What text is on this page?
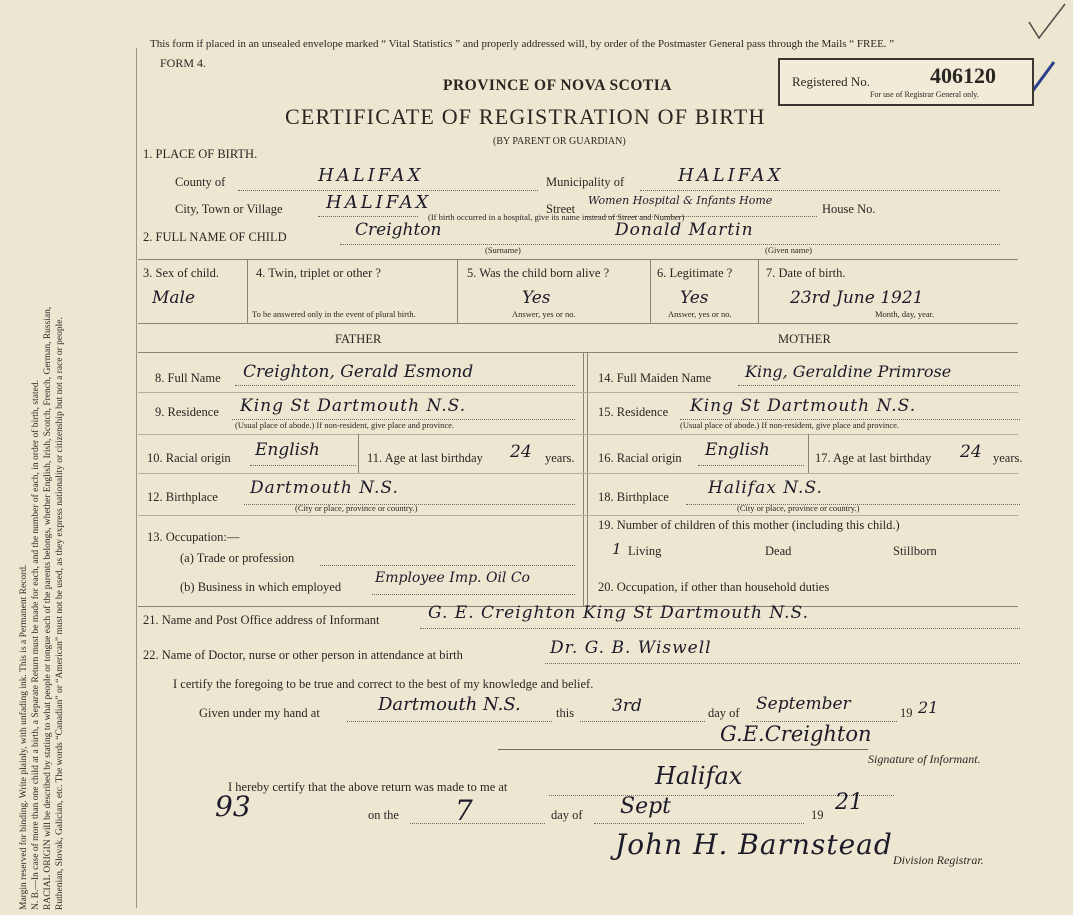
Margin reserved for binding. Write plainly, with unfading ink. This is a Permanent Record. N. B.—In case of more than one child at a birth, a Separate Return must be made for each, and the number of each, in order of birth, stated. RACIAL ORIGIN will be described by stating to what people or tongue each of the parents belongs, whether English, Irish, Scotch, French, German, Russian, Ruthenian, Slovak, Galician, etc. The words “Canadian” or “American” must not be used, as they express nationality or citizenship but not a race or people.
This form if placed in an unsealed envelope marked “ Vital Statistics ” and properly addressed will, by order of the Postmaster General pass through the Mails “ FREE. ”
FORM 4.
PROVINCE OF NOVA SCOTIA
CERTIFICATE OF REGISTRATION OF BIRTH
(BY PARENT OR GUARDIAN)
Registered No.	406120
For use of Registrar General only.
1. PLACE OF BIRTH.
County of	HALIFAX	Municipality of	HALIFAX
City, Town or Village HALIFAX	Street
Women Hospital & Infants Home
House No.
(If birth occurred in a hospital, give its name instead of Street and Number)
2. FULL NAME OF CHILD	Creighton
(Surname)
Donald Martin
(Given name)
3. Sex of child.
Male
4. Twin, triplet or other ?
To be answered only in the event of plural birth.
5. Was the child born alive ?
Yes
Answer, yes or no.
6. Legitimate ?
Yes
Answer, yes or no.
7. Date of birth.
23rd June 1921
Month, day, year.
FATHER	MOTHER
8. Full Name Creighton, Gerald Esmond
9. Residence King St Dartmouth N.S.
(Usual place of abode.) If non-resident, give place and province.
10. Racial origin English	11. Age at last birthday 24 years.
12. Birthplace Dartmouth N.S.
(City or place, province or country.)
13. Occupation:—
(a) Trade or profession
(b) Business in which employed
Employee Imp. Oil Co
14. Full Maiden Name King, Geraldine Primrose
15. Residence King St Dartmouth N.S.
(Usual place of abode.) If non-resident, give place and province.
16. Racial origin English	17. Age at last birthday 24 years.
18. Birthplace Halifax N.S.
(City or place, province or country.)
19. Number of children of this mother (including this child.)
1 Living	Dead	Stillborn
20. Occupation, if other than household duties
21. Name and Post Office address of Informant	G. E. Creighton King St Dartmouth N.S.
22. Name of Doctor, nurse or other person in attendance at birth	Dr. G. B. Wiswell
I certify the foregoing to be true and correct to the best of my knowledge and belief.
Given under my hand at	Dartmouth N.S.	this 3rd	day of September	19 21
G.E.Creighton
Signature of Informant.
I hereby certify that the above return was made to me at	Halifax
93	on the 7	day of Sept	19 21
John H. Barnstead Division Registrar.
